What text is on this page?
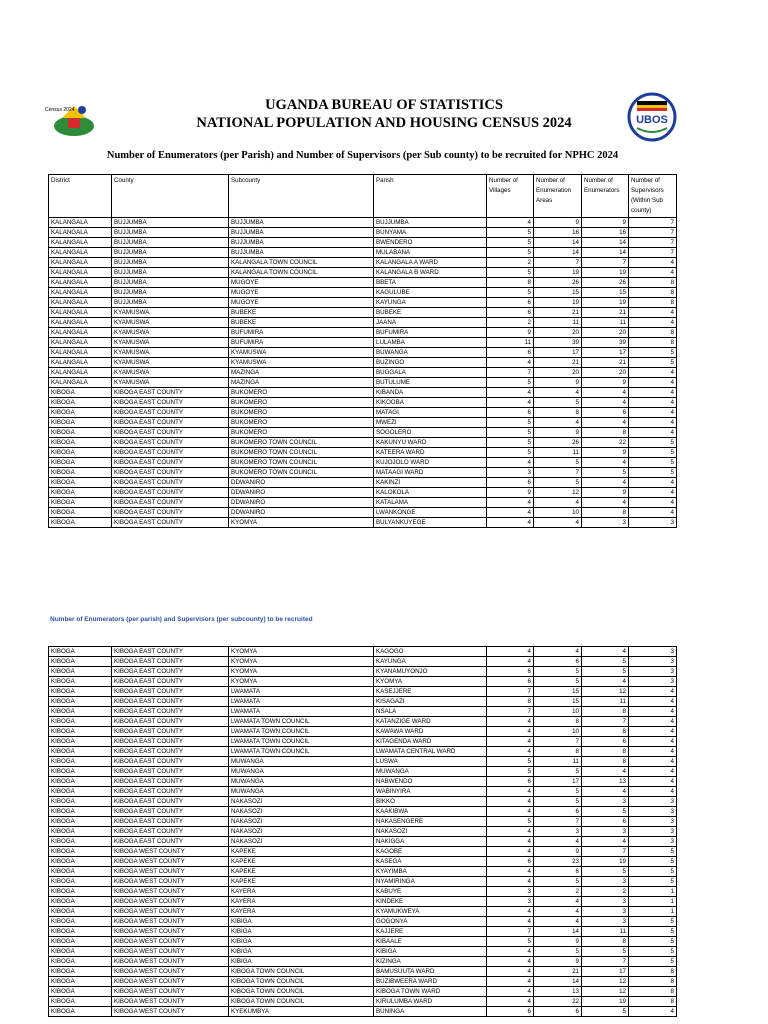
Census 2024	UGANDA BUREAU OF STATISTICS
NATIONAL POPULATION AND HOUSING CENSUS 2024	UBOS
Number of Enumerators (per Parish) and Number of Supervisors (per Sub county) to be recruited for NPHC 2024
District	County	Subcounty	Parish	Number of Villages	Number of Enumeration Areas	Number of Enumerators	Number of Supervisors (Within Sub county)
KALANGALA	BUJJUMBA	BUJJUMBA	BUJJUMBA	4	9	9	7
KALANGALA	BUJJUMBA	BUJJUMBA	BUNYAMA	5	16	16	7
KALANGALA	BUJJUMBA	BUJJUMBA	BWENDERO	5	14	14	7
KALANGALA	BUJJUMBA	BUJJUMBA	MULABANA	5	14	14	7
KALANGALA	BUJJUMBA	KALANGALA TOWN COUNCIL	KALANGALA A WARD	2	7	7	4
KALANGALA	BUJJUMBA	KALANGALA TOWN COUNCIL	KALANGALA B WARD	5	19	19	4
KALANGALA	BUJJUMBA	MUGOYE	BBETA	8	26	26	8
KALANGALA	BUJJUMBA	MUGOYE	KAGULUBE	5	15	15	8
KALANGALA	BUJJUMBA	MUGOYE	KAYUNGA	6	19	19	8
KALANGALA	KYAMUSWA	BUBEKE	BUBEKE	6	21	21	4
KALANGALA	KYAMUSWA	BUBEKE	JAANA	2	11	11	4
KALANGALA	KYAMUSWA	BUFUMIRA	BUFUMIRA	9	20	20	8
KALANGALA	KYAMUSWA	BUFUMIRA	LULAMBA	11	39	39	8
KALANGALA	KYAMUSWA	KYAMUSWA	BUWANGA	6	17	17	5
KALANGALA	KYAMUSWA	KYAMUSWA	BUZINGO	4	21	21	5
KALANGALA	KYAMUSWA	MAZINGA	BUGGALA	7	20	20	4
KALANGALA	KYAMUSWA	MAZINGA	BUTULUME	5	9	9	4
KIBOGA	KIBOGA EAST COUNTY	BUKOMERO	KIBANDA	4	4	4	4
KIBOGA	KIBOGA EAST COUNTY	BUKOMERO	KIKOOBA	4	5	4	4
KIBOGA	KIBOGA EAST COUNTY	BUKOMERO	MATAGI	6	8	6	4
KIBOGA	KIBOGA EAST COUNTY	BUKOMERO	MWEZI	5	4	4	4
KIBOGA	KIBOGA EAST COUNTY	BUKOMERO	SOGOLERO	5	9	8	4
KIBOGA	KIBOGA EAST COUNTY	BUKOMERO TOWN COUNCIL	KAKUNYU WARD	5	26	22	5
KIBOGA	KIBOGA EAST COUNTY	BUKOMERO TOWN COUNCIL	KATEERA WARD	5	11	9	5
KIBOGA	KIBOGA EAST COUNTY	BUKOMERO TOWN COUNCIL	KUJOJOLO WARD	4	5	4	5
KIBOGA	KIBOGA EAST COUNTY	BUKOMERO TOWN COUNCIL	MATAAGI WARD	3	7	5	5
KIBOGA	KIBOGA EAST COUNTY	DDWANIRO	KAKINZI	6	5	4	4
KIBOGA	KIBOGA EAST COUNTY	DDWANIRO	KALOKOLA	9	12	9	4
KIBOGA	KIBOGA EAST COUNTY	DDWANIRO	KATALAMA	4	4	4	4
KIBOGA	KIBOGA EAST COUNTY	DDWANIRO	LWANKONGE	4	10	8	4
KIBOGA	KIBOGA EAST COUNTY	KYOMYA	BULYANKUYEGE	4	4	3	3
Number of Enumerators (per parish) and Supervisors (per subcounty) to be recruited
KIBOGA	KIBOGA EAST COUNTY	KYOMYA	KAGOGO	4	4	4	3
KIBOGA	KIBOGA EAST COUNTY	KYOMYA	KAYUNGA	4	6	5	3
KIBOGA	KIBOGA EAST COUNTY	KYOMYA	KYANAMUYONJO	6	5	5	3
KIBOGA	KIBOGA EAST COUNTY	KYOMYA	KYOMYA	6	5	4	3
KIBOGA	KIBOGA EAST COUNTY	LWAMATA	KASEJJERE	7	15	12	4
KIBOGA	KIBOGA EAST COUNTY	LWAMATA	KISAGAZI	8	15	11	4
KIBOGA	KIBOGA EAST COUNTY	LWAMATA	NSALA	7	10	8	4
KIBOGA	KIBOGA EAST COUNTY	LWAMATA TOWN COUNCIL	KATANZIGE WARD	4	8	7	4
KIBOGA	KIBOGA EAST COUNTY	LWAMATA TOWN COUNCIL	KAWAWA WARD	4	10	8	4
KIBOGA	KIBOGA EAST COUNTY	LWAMATA TOWN COUNCIL	KITAGENDA WARD	4	7	6	4
KIBOGA	KIBOGA EAST COUNTY	LWAMATA TOWN COUNCIL	LWAMATA CENTRAL WARD	4	8	8	4
KIBOGA	KIBOGA EAST COUNTY	MUWANGA	LUSWA	5	11	8	4
KIBOGA	KIBOGA EAST COUNTY	MUWANGA	MUWANGA	5	5	4	4
KIBOGA	KIBOGA EAST COUNTY	MUWANGA	NABWENDO	6	17	13	4
KIBOGA	KIBOGA EAST COUNTY	MUWANGA	WABINYIRA	4	5	4	4
KIBOGA	KIBOGA EAST COUNTY	NAKASOZI	BIKKO	4	5	3	3
KIBOGA	KIBOGA EAST COUNTY	NAKASOZI	KAAKIBWA	4	6	5	3
KIBOGA	KIBOGA EAST COUNTY	NAKASOZI	NAKASENGERE	5	7	6	3
KIBOGA	KIBOGA EAST COUNTY	NAKASOZI	NAKASOZI	4	3	3	3
KIBOGA	KIBOGA EAST COUNTY	NAKASOZI	NAKIGGA	4	4	4	3
KIBOGA	KIBOGA WEST COUNTY	KAPEKE	KAGOBE	4	9	7	5
KIBOGA	KIBOGA WEST COUNTY	KAPEKE	KASEGA	6	23	19	5
KIBOGA	KIBOGA WEST COUNTY	KAPEKE	KYAYIMBA	4	6	5	5
KIBOGA	KIBOGA WEST COUNTY	KAPEKE	NYAMIRINGA	4	5	3	5
KIBOGA	KIBOGA WEST COUNTY	KAYERA	KABUYE	3	2	2	1
KIBOGA	KIBOGA WEST COUNTY	KAYERA	KINDEKE	3	4	3	1
KIBOGA	KIBOGA WEST COUNTY	KAYERA	KYAMUKWEYA	4	4	3	1
KIBOGA	KIBOGA WEST COUNTY	KIBIGA	GOGONYA	4	4	3	5
KIBOGA	KIBOGA WEST COUNTY	KIBIGA	KAJJERE	7	14	11	5
KIBOGA	KIBOGA WEST COUNTY	KIBIGA	KIBAALE	5	9	8	5
KIBOGA	KIBOGA WEST COUNTY	KIBIGA	KIBIGA	4	5	5	5
KIBOGA	KIBOGA WEST COUNTY	KIBIGA	KIZINGA	4	9	7	5
KIBOGA	KIBOGA WEST COUNTY	KIBOGA TOWN COUNCIL	BAMUSUUTA WARD	4	21	17	8
KIBOGA	KIBOGA WEST COUNTY	KIBOGA TOWN COUNCIL	BUZIBWEERA WARD	4	14	12	8
KIBOGA	KIBOGA WEST COUNTY	KIBOGA TOWN COUNCIL	KIBOGA TOWN WARD	4	13	12	8
KIBOGA	KIBOGA WEST COUNTY	KIBOGA TOWN COUNCIL	KIRULUMBA WARD	4	22	19	8
KIBOGA	KIBOGA WEST COUNTY	KYEKUMBYA	BUNINGA	6	6	5	4
